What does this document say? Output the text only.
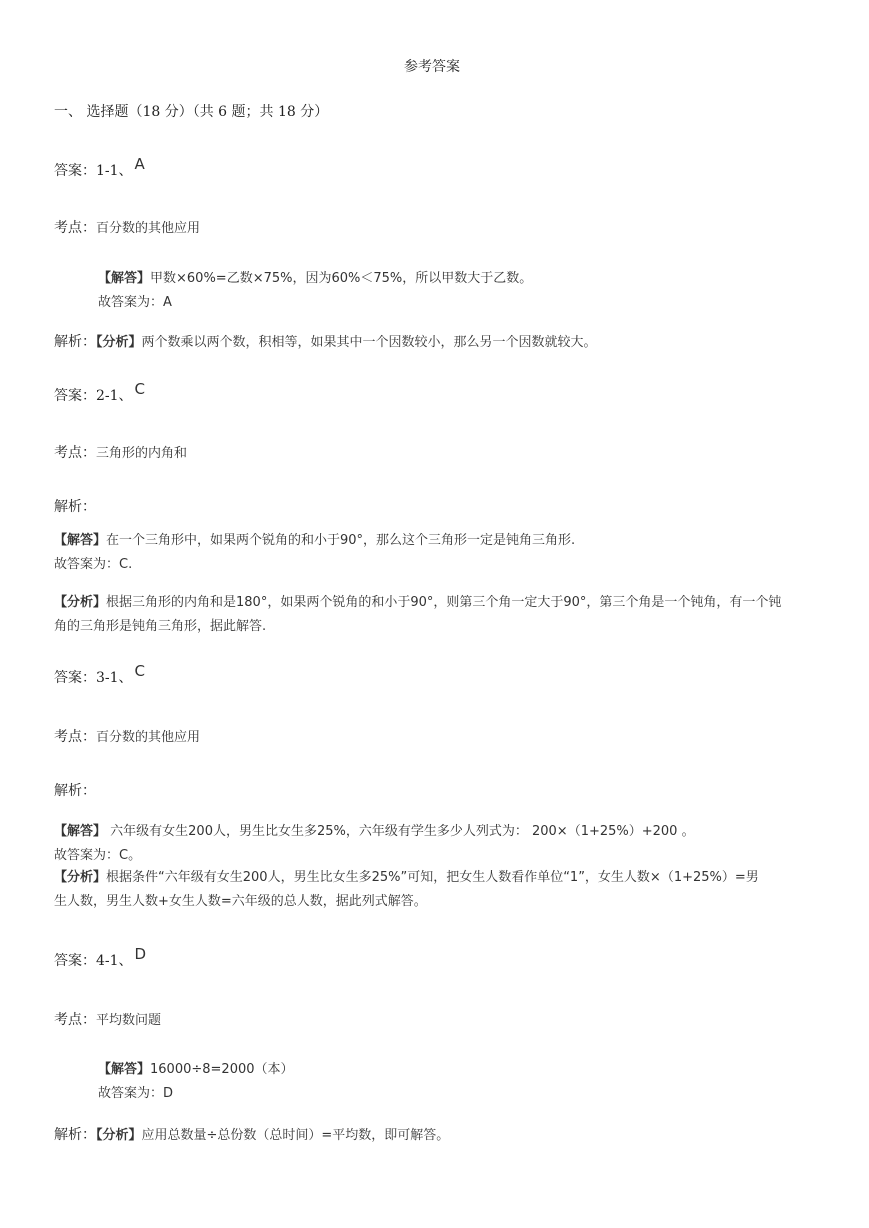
参考答案
一、 选择题（18 分）（共 6 题；共 18 分）
答案：1-1、 A
考点：百分数的其他应用
【解答】甲数×60%=乙数×75%，因为60%＜75%，所以甲数大于乙数。
故答案为：A
解析：【分析】两个数乘以两个数，积相等，如果其中一个因数较小，那么另一个因数就较大。
答案：2-1、 C
考点：三角形的内角和
解析：
【解答】在一个三角形中，如果两个锐角的和小于90°，那么这个三角形一定是钝角三角形.
故答案为：C.
【分析】根据三角形的内角和是180°，如果两个锐角的和小于90°，则第三个角一定大于90°，第三个角是一个钝角，有一个钝
角的三角形是钝角三角形，据此解答.
答案：3-1、 C
考点：百分数的其他应用
解析：
【解答】 六年级有女生200人，男生比女生多25%，六年级有学生多少人列式为： 200×（1+25%）+200 。
故答案为：C。
【分析】根据条件“六年级有女生200人，男生比女生多25%”可知，把女生人数看作单位“1”，女生人数×（1+25%）=男
生人数，男生人数+女生人数=六年级的总人数，据此列式解答。
答案：4-1、 D
考点：平均数问题
【解答】16000÷8=2000（本）
故答案为：D
解析：【分析】应用总数量÷总份数（总时间）=平均数，即可解答。
